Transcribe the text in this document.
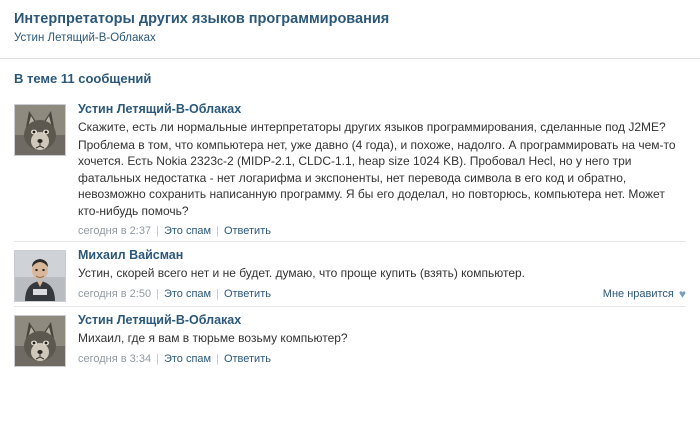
Интерпретаторы других языков программирования
Устин Летящий-В-Облаках
В теме 11 сообщений
Устин Летящий-В-Облаках

Скажите, есть ли нормальные интерпретаторы других языков программирования, сделанные под J2ME?

Проблема в том, что компьютера нет, уже давно (4 года), и похоже, надолго. А программировать на чем-то хочется. Есть Nokia 2323c-2 (MIDP-2.1, CLDC-1.1, heap size 1024 KB). Пробовал Hecl, но у него три фатальных недостатка - нет логарифма и экспоненты, нет перевода символа в его код и обратно, невозможно сохранить написанную программу. Я бы его доделал, но повторюсь, компьютера нет. Может кто-нибудь помочь?

сегодня в 2:37 | Это спам | Ответить
Михаил Вайсман

Устин, скорей всего нет и не будет. думаю, что проще купить (взять) компьютер.

сегодня в 2:50 | Это спам | Ответить	Мне нравится ♥
Устин Летящий-В-Облаках

Михаил, где я вам в тюрьме возьму компьютер?

сегодня в 3:34 | Это спам | Ответить
